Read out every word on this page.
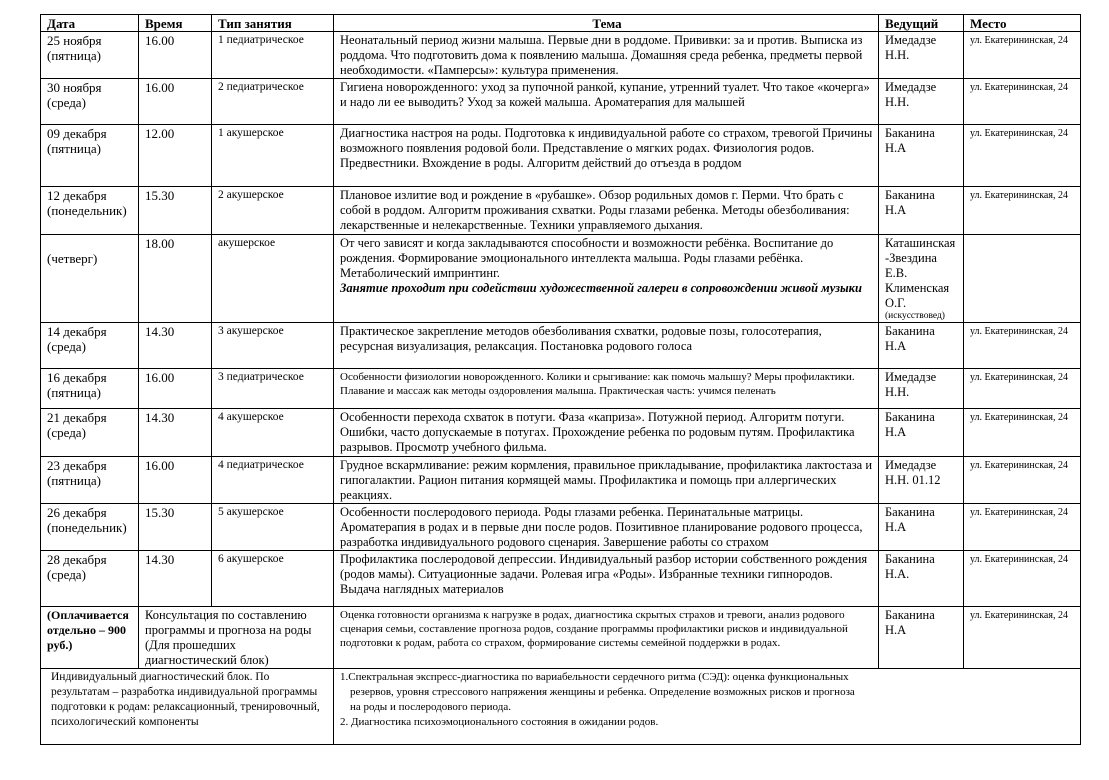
Дата	Время	Тип занятия	Тема	Ведущий	Место
25 ноября
(пятница)	16.00	1 педиатрическое	Неонатальный период жизни малыша. Первые дни в роддоме. Прививки: за и против. Выписка из роддома. Что подготовить дома к появлению малыша. Домашняя среда ребенка, предметы первой необходимости. «Памперсы»: культура применения.	Имедадзе Н.Н.	ул. Екатерининская, 24
30 ноября
(среда)	16.00	2 педиатрическое	Гигиена новорожденного: уход за пупочной ранкой, купание, утренний туалет. Что такое «кочерга» и надо ли ее выводить? Уход за кожей малыша. Ароматерапия для малышей	Имедадзе Н.Н.	ул. Екатерининская, 24
09 декабря
(пятница)	12.00	1 акушерское	Диагностика настроя на роды. Подготовка к индивидуальной работе со страхом, тревогой Причины возможного появления родовой боли. Представление о мягких родах. Физиология родов. Предвестники. Вхождение в роды. Алгоритм действий до отъезда в роддом	Баканина Н.А	ул. Екатерининская, 24
12 декабря
(понедельник)	15.30	2 акушерское	Плановое излитие вод и рождение в «рубашке». Обзор родильных домов г. Перми. Что брать с собой в роддом. Алгоритм проживания схватки. Роды глазами ребенка. Методы обезболивания: лекарственные и нелекарственные. Техники управляемого дыхания.	Баканина Н.А	ул. Екатерининская, 24

(четверг)	18.00	акушерское	От чего зависят и когда закладываются способности и возможности ребёнка. Воспитание до рождения. Формирование эмоционального интеллекта малыша. Роды глазами ребёнка. Метаболический импринтинг.
Занятие проходит при содействии художественной галереи в сопровождении живой музыки	Каташинская -Звездина Е.В. Клименская О.Г.
(искусствовед)	

14 декабря
(среда)	14.30	3 акушерское	Практическое закрепление методов обезболивания схватки, родовые позы, голосотерапия, ресурсная визуализация, релаксация. Постановка родового голоса	Баканина Н.А	ул. Екатерининская, 24
16 декабря
(пятница)	16.00	3 педиатрическое	Особенности физиологии новорожденного. Колики и срыгивание: как помочь малышу? Меры профилактики. Плавание и массаж как методы оздоровления малыша. Практическая часть: учимся пеленать	Имедадзе Н.Н.	ул. Екатерининская, 24
21 декабря
(среда)	14.30	4 акушерское	Особенности перехода схваток в потуги. Фаза «каприза». Потужной период. Алгоритм потуги. Ошибки, часто допускаемые в потугах. Прохождение ребенка по родовым путям. Профилактика разрывов. Просмотр учебного фильма.	Баканина Н.А	ул. Екатерининская, 24
23 декабря
(пятница)	16.00	4 педиатрическое	Грудное вскармливание: режим кормления, правильное прикладывание, профилактика лактостаза и гипогалактии. Рацион питания кормящей мамы. Профилактика и помощь при аллергических реакциях.	Имедадзе Н.Н. 01.12	ул. Екатерининская, 24
26 декабря
(понедельник)	15.30	5 акушерское	Особенности послеродового периода. Роды глазами ребенка. Перинатальные матрицы. Ароматерапия в родах и в первые дни после родов. Позитивное планирование родового процесса, разработка индивидуального родового сценария. Завершение работы со страхом	Баканина Н.А	ул. Екатерининская, 24
28 декабря
(среда)	14.30	6 акушерское	Профилактика послеродовой депрессии. Индивидуальный разбор истории собственного рождения (родов мамы). Ситуационные задачи. Ролевая игра «Роды». Избранные техники гипнородов. Выдача наглядных материалов	Баканина Н.А.	ул. Екатерининская, 24
(Оплачивается отдельно – 900 руб.)	Консультация по составлению программы и прогноза на роды (Для прошедших диагностический блок)		Оценка готовности организма к нагрузке в родах, диагностика скрытых страхов и тревоги, анализ родового сценария семьи, составление прогноза родов, создание программы профилактики рисков и индивидуальной подготовки к родам, работа со страхом, формирование системы семейной поддержки в родах.	Баканина Н.А	ул. Екатерининская, 24
Индивидуальный диагностический блок. По результатам – разработка индивидуальной программы подготовки к родам: релаксационный, тренировочный, психологический компоненты			1.Спектральная экспресс-диагностика по вариабельности сердечного ритма (СЭД): оценка функциональных
резервов, уровня стрессового напряжения женщины и ребенка. Определение возможных рисков и прогноза
на роды и послеродового периода.
2. Диагностика психоэмоционального состояния в ожидании родов.		
